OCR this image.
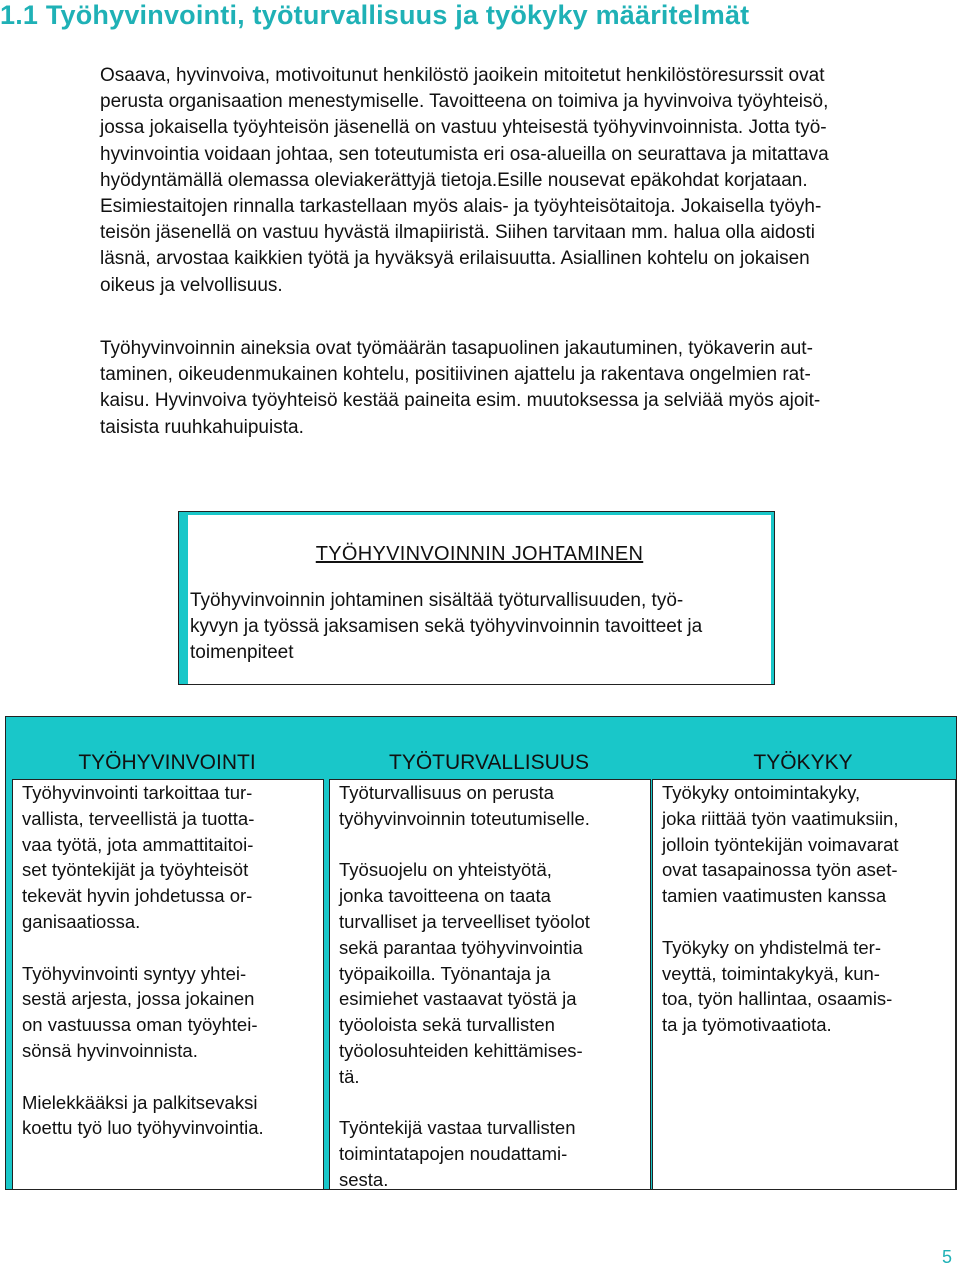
1.1 Työhyvinvointi, työturvallisuus ja työkyky määritelmät
Osaava, hyvinvoiva, motivoitunut henkilöstö jaoikein mitoitetut henkilöstöresurssit ovat
perusta organisaation menestymiselle. Tavoitteena on toimiva ja hyvinvoiva työyhteisö,
jossa jokaisella työyhteisön jäsenellä on vastuu yhteisestä työhyvinvoinnista. Jotta työ-
hyvinvointia voidaan johtaa, sen toteutumista eri osa-alueilla on seurattava ja mitattava
hyödyntämällä olemassa oleviakerättyjä tietoja.Esille nousevat epäkohdat korjataan.
Esimiestaitojen rinnalla tarkastellaan myös alais- ja työyhteisötaitoja. Jokaisella työyh-
teisön jäsenellä on vastuu hyvästä ilmapiiristä. Siihen tarvitaan mm. halua olla aidosti
läsnä, arvostaa kaikkien työtä ja hyväksyä erilaisuutta. Asiallinen kohtelu on jokaisen
oikeus ja velvollisuus.
Työhyvinvoinnin aineksia ovat työmäärän tasapuolinen jakautuminen, työkaverin aut-
taminen, oikeudenmukainen kohtelu, positiivinen ajattelu ja rakentava ongelmien rat-
kaisu. Hyvinvoiva työyhteisö kestää paineita esim. muutoksessa ja selviää myös ajoit-
taisista ruuhkahuipuista.
TYÖHYVINVOINNIN JOHTAMINEN
Työhyvinvoinnin johtaminen sisältää työturvallisuuden, työ-
kyvyn ja työssä jaksamisen sekä työhyvinvoinnin tavoitteet ja
toimenpiteet
TYÖHYVINVOINTI	TYÖTURVALLISUUS	TYÖKYKY
Työhyvinvointi tarkoittaa tur-
vallista, terveellistä ja tuotta-
vaa työtä, jota ammattitaitoi-
set työntekijät ja työyhteisöt
tekevät hyvin johdetussa or-
ganisaatiossa.
Työhyvinvointi syntyy yhtei-
sestä arjesta, jossa jokainen
on vastuussa oman työyhtei-
sönsä hyvinvoinnista.
Mielekkääksi ja palkitsevaksi
koettu työ luo työhyvinvointia.
Työturvallisuus on perusta
työhyvinvoinnin toteutumiselle.
Työsuojelu on yhteistyötä,
jonka tavoitteena on taata
turvalliset ja terveelliset työolot
sekä parantaa työhyvinvointia
työpaikoilla. Työnantaja ja
esimiehet vastaavat työstä ja
työoloista sekä turvallisten
työolosuhteiden kehittämises-
tä.
Työntekijä vastaa turvallisten
toimintatapojen noudattami-
sesta.
Työkyky ontoimintakyky,
joka riittää työn vaatimuksiin,
jolloin työntekijän voimavarat
ovat tasapainossa työn aset-
tamien vaatimusten kanssa
Työkyky on yhdistelmä ter-
veyttä, toimintakykyä, kun-
toa, työn hallintaa, osaamis-
ta ja työmotivaatiota.
5
